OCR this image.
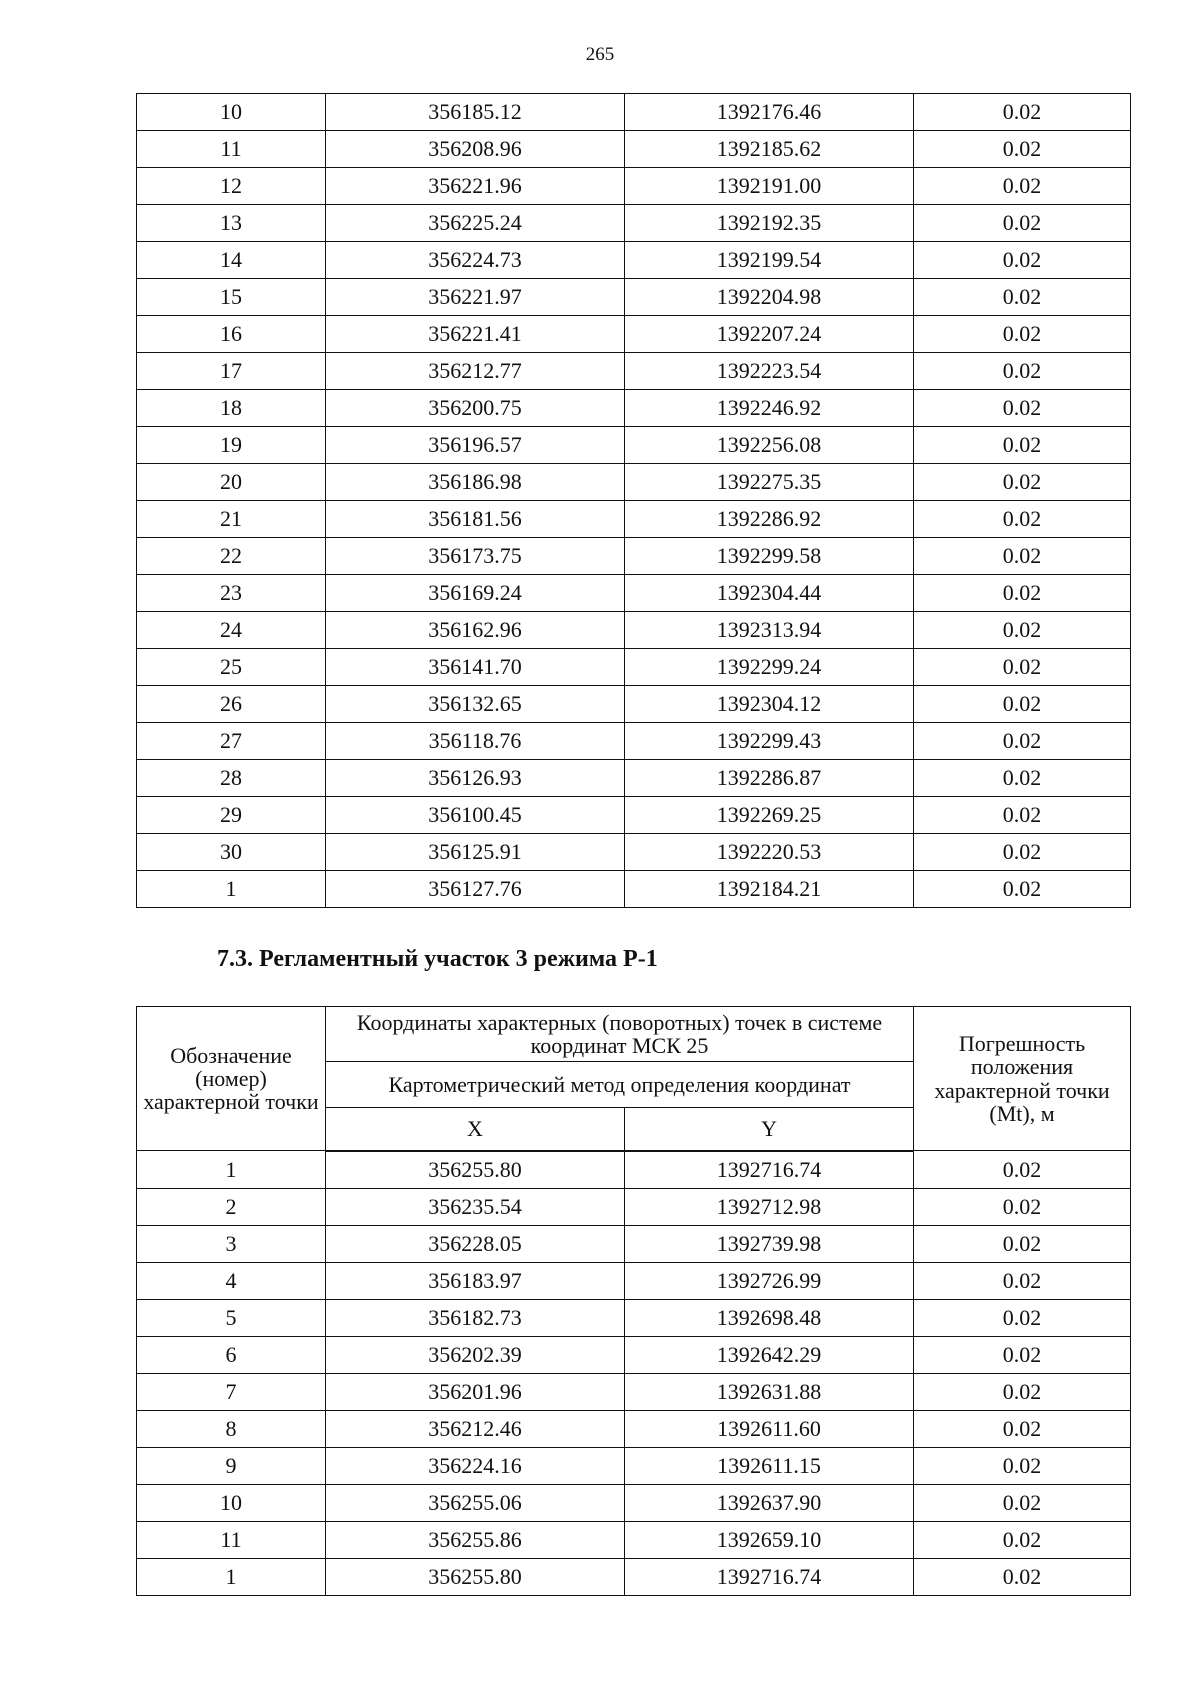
265
10	356185.12	1392176.46	0.02
11	356208.96	1392185.62	0.02
12	356221.96	1392191.00	0.02
13	356225.24	1392192.35	0.02
14	356224.73	1392199.54	0.02
15	356221.97	1392204.98	0.02
16	356221.41	1392207.24	0.02
17	356212.77	1392223.54	0.02
18	356200.75	1392246.92	0.02
19	356196.57	1392256.08	0.02
20	356186.98	1392275.35	0.02
21	356181.56	1392286.92	0.02
22	356173.75	1392299.58	0.02
23	356169.24	1392304.44	0.02
24	356162.96	1392313.94	0.02
25	356141.70	1392299.24	0.02
26	356132.65	1392304.12	0.02
27	356118.76	1392299.43	0.02
28	356126.93	1392286.87	0.02
29	356100.45	1392269.25	0.02
30	356125.91	1392220.53	0.02
1	356127.76	1392184.21	0.02
7.3. Регламентный участок 3 режима Р-1
Обозначение (номер) характерной точки	Координаты характерных (поворотных) точек в системе координат МСК 25		Погрешность положения характерной точки (Mt), м
	Картометрический метод определения координат		
	X	Y	
1	356255.80	1392716.74	0.02
2	356235.54	1392712.98	0.02
3	356228.05	1392739.98	0.02
4	356183.97	1392726.99	0.02
5	356182.73	1392698.48	0.02
6	356202.39	1392642.29	0.02
7	356201.96	1392631.88	0.02
8	356212.46	1392611.60	0.02
9	356224.16	1392611.15	0.02
10	356255.06	1392637.90	0.02
11	356255.86	1392659.10	0.02
1	356255.80	1392716.74	0.02
